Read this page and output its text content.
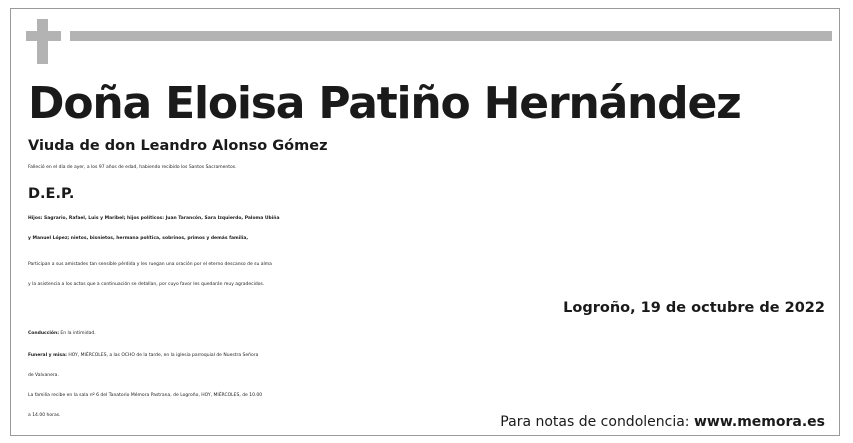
Doña Eloisa Patiño Hernández
Viuda de don Leandro Alonso Gómez
Falleció en el día de ayer, a los 97 años de edad, habiendo recibido los Santos Sacramentos.
D.E.P.
Hijos: Sagrario, Rafael, Luis y Maribel; hijos políticos: Juan Tarancón, Sara Izquierdo, Paloma Ubiña
y Manuel López; nietos, bisnietos, hermana política, sobrinos, primos y demás familia,
Participan a sus amistades tan sensible pérdida y les ruegan una oración por el eterno descanso de su alma
y la asistencia a los actos que a continuación se detallan, por cuyo favor les quedarán muy agradecidos.
Logroño, 19 de octubre de 2022
Conducción: En la intimidad.
Funeral y misa: HOY, MIÉRCOLES, a las OCHO de la tarde, en la iglesia parroquial de Nuestra Señora
de Valvanera.
La familia recibe en la sala nº 6 del Tanatorio Mémora Pastrana, de Logroño, HOY, MIÉRCOLES, de 10.00
a 14.00 horas.	Para notas de condolencia: www.memora.es
